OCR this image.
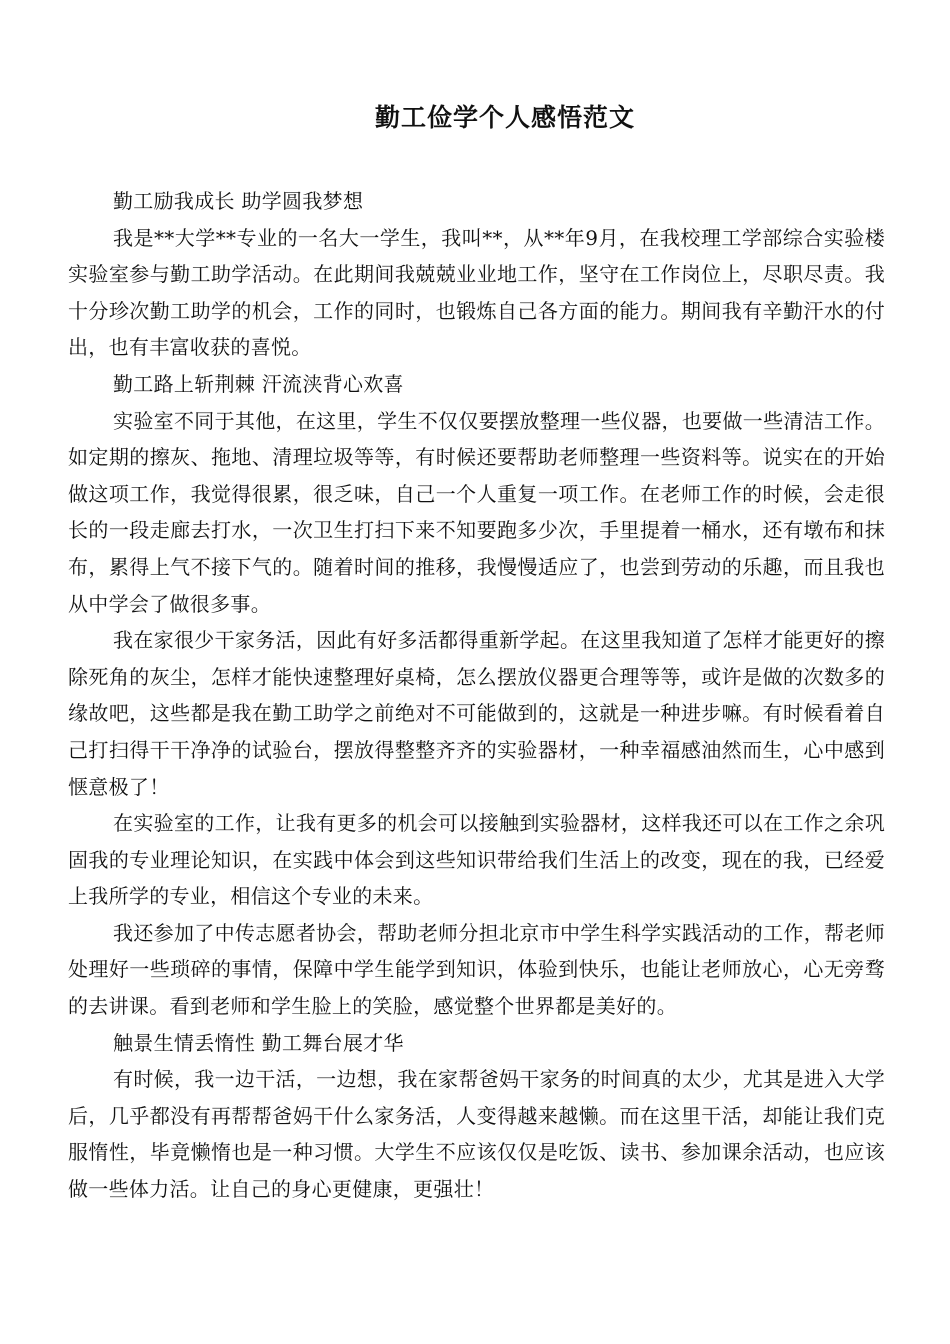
勤工俭学个人感悟范文

勤工励我成长 助学圆我梦想

我是**大学**专业的一名大一学生，我叫**，从**年9月，在我校理工学部综合实验楼实验室参与勤工助学活动。在此期间我兢兢业业地工作，坚守在工作岗位上，尽职尽责。我十分珍次勤工助学的机会，工作的同时，也锻炼自己各方面的能力。期间我有辛勤汗水的付出，也有丰富收获的喜悦。

勤工路上斩荆棘 汗流浃背心欢喜

实验室不同于其他，在这里，学生不仅仅要摆放整理一些仪器，也要做一些清洁工作。如定期的擦灰、拖地、清理垃圾等等，有时候还要帮助老师整理一些资料等。说实在的开始做这项工作，我觉得很累，很乏味，自己一个人重复一项工作。在老师工作的时候，会走很长的一段走廊去打水，一次卫生打扫下来不知要跑多少次，手里提着一桶水，还有墩布和抹布，累得上气不接下气的。随着时间的推移，我慢慢适应了，也尝到劳动的乐趣，而且我也从中学会了做很多事。

我在家很少干家务活，因此有好多活都得重新学起。在这里我知道了怎样才能更好的擦除死角的灰尘，怎样才能快速整理好桌椅，怎么摆放仪器更合理等等，或许是做的次数多的缘故吧，这些都是我在勤工助学之前绝对不可能做到的，这就是一种进步嘛。有时候看着自己打扫得干干净净的试验台，摆放得整整齐齐的实验器材，一种幸福感油然而生，心中感到惬意极了！

在实验室的工作，让我有更多的机会可以接触到实验器材，这样我还可以在工作之余巩固我的专业理论知识，在实践中体会到这些知识带给我们生活上的改变，现在的我，已经爱上我所学的专业，相信这个专业的未来。

我还参加了中传志愿者协会，帮助老师分担北京市中学生科学实践活动的工作，帮老师处理好一些琐碎的事情，保障中学生能学到知识，体验到快乐，也能让老师放心，心无旁骛的去讲课。看到老师和学生脸上的笑脸，感觉整个世界都是美好的。

触景生情丢惰性 勤工舞台展才华

有时候，我一边干活，一边想，我在家帮爸妈干家务的时间真的太少，尤其是进入大学后，几乎都没有再帮帮爸妈干什么家务活，人变得越来越懒。而在这里干活，却能让我们克服惰性，毕竟懒惰也是一种习惯。大学生不应该仅仅是吃饭、读书、参加课余活动，也应该做一些体力活。让自己的身心更健康，更强壮！
